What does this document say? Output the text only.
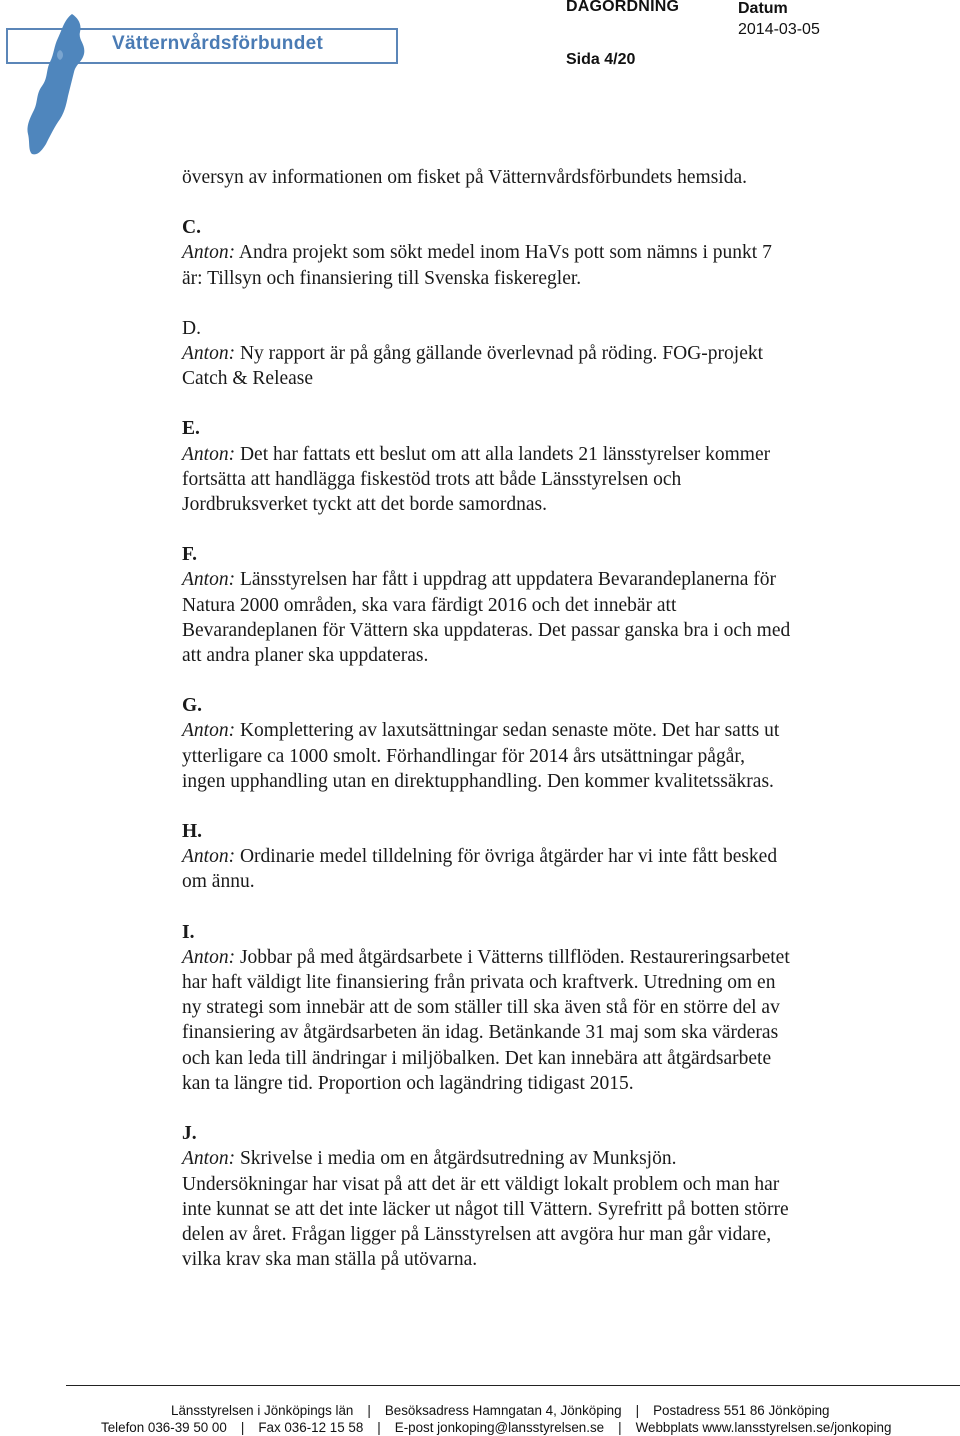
Vätternvårdsförbundet
DAGORDNING
Sida 4/20
Datum
2014-03-05

översyn av informationen om fisket på Vätternvårdsförbundets hemsida.

C.

Anton: Andra projekt som sökt medel inom HaVs pott som nämns i punkt 7 är: Tillsyn och finansiering till Svenska fiskeregler.

D.

Anton: Ny rapport är på gång gällande överlevnad på röding. FOG-projekt Catch & Release

E.

Anton: Det har fattats ett beslut om att alla landets 21 länsstyrelser kommer fortsätta att handlägga fiskestöd trots att både Länsstyrelsen och Jordbruksverket tyckt att det borde samordnas.

F.

Anton: Länsstyrelsen har fått i uppdrag att uppdatera Bevarandeplanerna för Natura 2000 områden, ska vara färdigt 2016 och det innebär att Bevarandeplanen för Vättern ska uppdateras. Det passar ganska bra i och med att andra planer ska uppdateras.

G.

Anton: Komplettering av laxutsättningar sedan senaste möte. Det har satts ut ytterligare ca 1000 smolt. Förhandlingar för 2014 års utsättningar pågår, ingen upphandling utan en direktupphandling. Den kommer kvalitetssäkras.

H.

Anton: Ordinarie medel tilldelning för övriga åtgärder har vi inte fått besked om ännu.

I.

Anton: Jobbar på med åtgärdsarbete i Vätterns tillflöden. Restaureringsarbetet har haft väldigt lite finansiering från privata och kraftverk. Utredning om en ny strategi som innebär att de som ställer till ska även stå för en större del av finansiering av åtgärdsarbeten än idag. Betänkande 31 maj som ska värderas och kan leda till ändringar i miljöbalken. Det kan innebära att åtgärdsarbete kan ta längre tid. Proportion och lagändring tidigast 2015.

J.

Anton: Skrivelse i media om en åtgärdsutredning av Munksjön. Undersökningar har visat på att det är ett väldigt lokalt problem och man har inte kunnat se att det inte läcker ut något till Vättern. Syrefritt på botten större delen av året. Frågan ligger på Länsstyrelsen att avgöra hur man går vidare, vilka krav ska man ställa på utövarna.

Länsstyrelsen i Jönköpings län | Besöksadress Hamngatan 4, Jönköping | Postadress 551 86 Jönköping
Telefon 036-39 50 00 | Fax 036-12 15 58 | E-post jonkoping@lansstyrelsen.se | Webbplats www.lansstyrelsen.se/jonkoping
